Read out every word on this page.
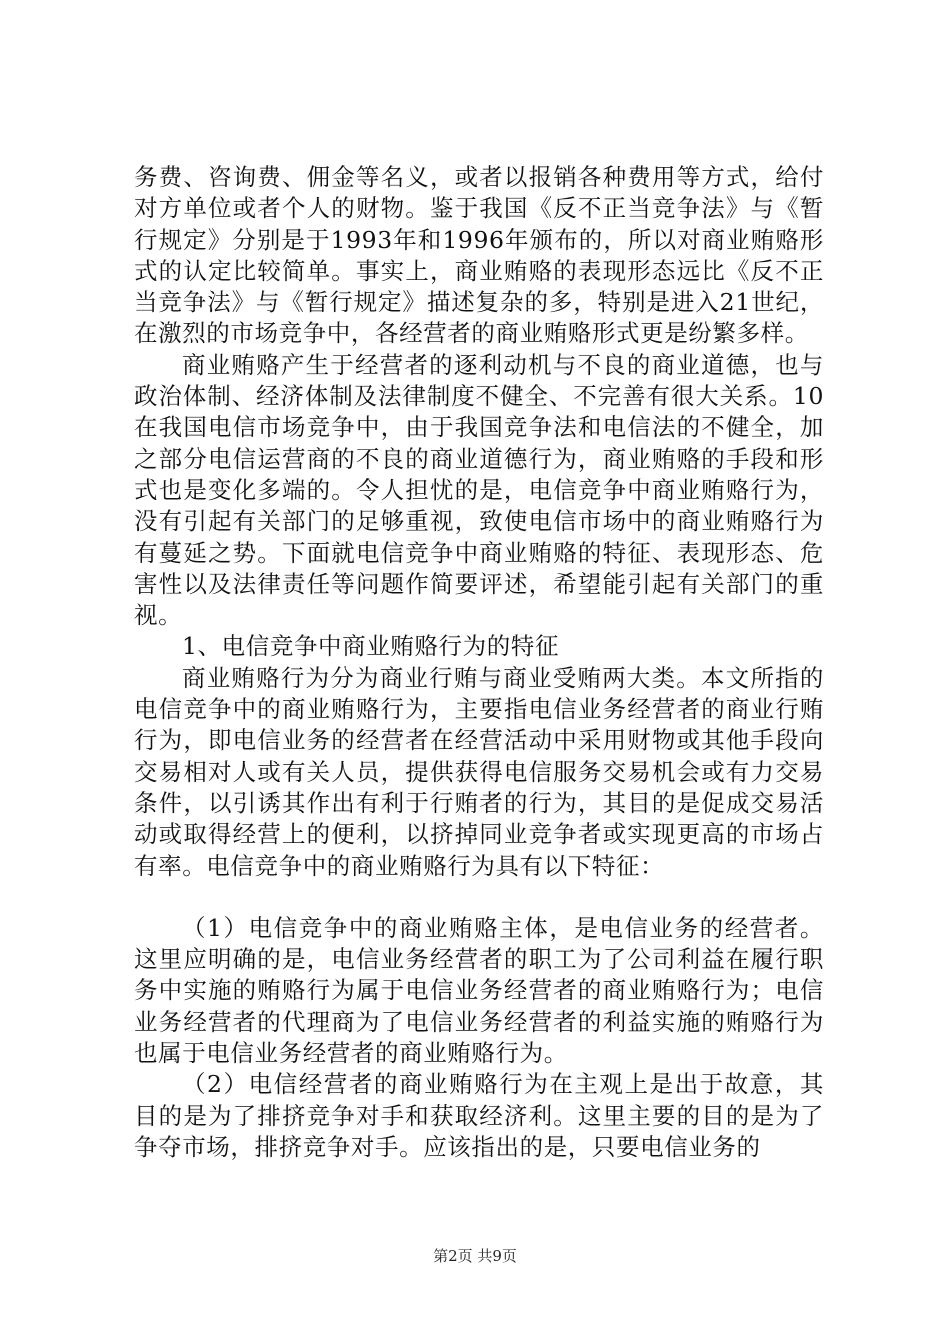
务费、咨询费、佣金等名义，或者以报销各种费用等方式，给付对方单位或者个人的财物。鉴于我国《反不正当竞争法》与《暂行规定》分别是于1993年和1996年颁布的，所以对商业贿赂形式的认定比较简单。事实上，商业贿赂的表现形态远比《反不正当竞争法》与《暂行规定》描述复杂的多，特别是进入21世纪，在激烈的市场竞争中，各经营者的商业贿赂形式更是纷繁多样。

商业贿赂产生于经营者的逐利动机与不良的商业道德，也与政治体制、经济体制及法律制度不健全、不完善有很大关系。10在我国电信市场竞争中，由于我国竞争法和电信法的不健全，加之部分电信运营商的不良的商业道德行为，商业贿赂的手段和形式也是变化多端的。令人担忧的是，电信竞争中商业贿赂行为，没有引起有关部门的足够重视，致使电信市场中的商业贿赂行为有蔓延之势。下面就电信竞争中商业贿赂的特征、表现形态、危害性以及法律责任等问题作简要评述，希望能引起有关部门的重视。

1、电信竞争中商业贿赂行为的特征

商业贿赂行为分为商业行贿与商业受贿两大类。本文所指的电信竞争中的商业贿赂行为，主要指电信业务经营者的商业行贿行为，即电信业务的经营者在经营活动中采用财物或其他手段向交易相对人或有关人员，提供获得电信服务交易机会或有力交易条件，以引诱其作出有利于行贿者的行为，其目的是促成交易活动或取得经营上的便利，以挤掉同业竞争者或实现更高的市场占有率。电信竞争中的商业贿赂行为具有以下特征：

（1）电信竞争中的商业贿赂主体，是电信业务的经营者。这里应明确的是，电信业务经营者的职工为了公司利益在履行职务中实施的贿赂行为属于电信业务经营者的商业贿赂行为；电信业务经营者的代理商为了电信业务经营者的利益实施的贿赂行为也属于电信业务经营者的商业贿赂行为。

（2）电信经营者的商业贿赂行为在主观上是出于故意，其目的是为了排挤竞争对手和获取经济利。这里主要的目的是为了争夺市场，排挤竞争对手。应该指出的是，只要电信业务的

第2页 共9页
